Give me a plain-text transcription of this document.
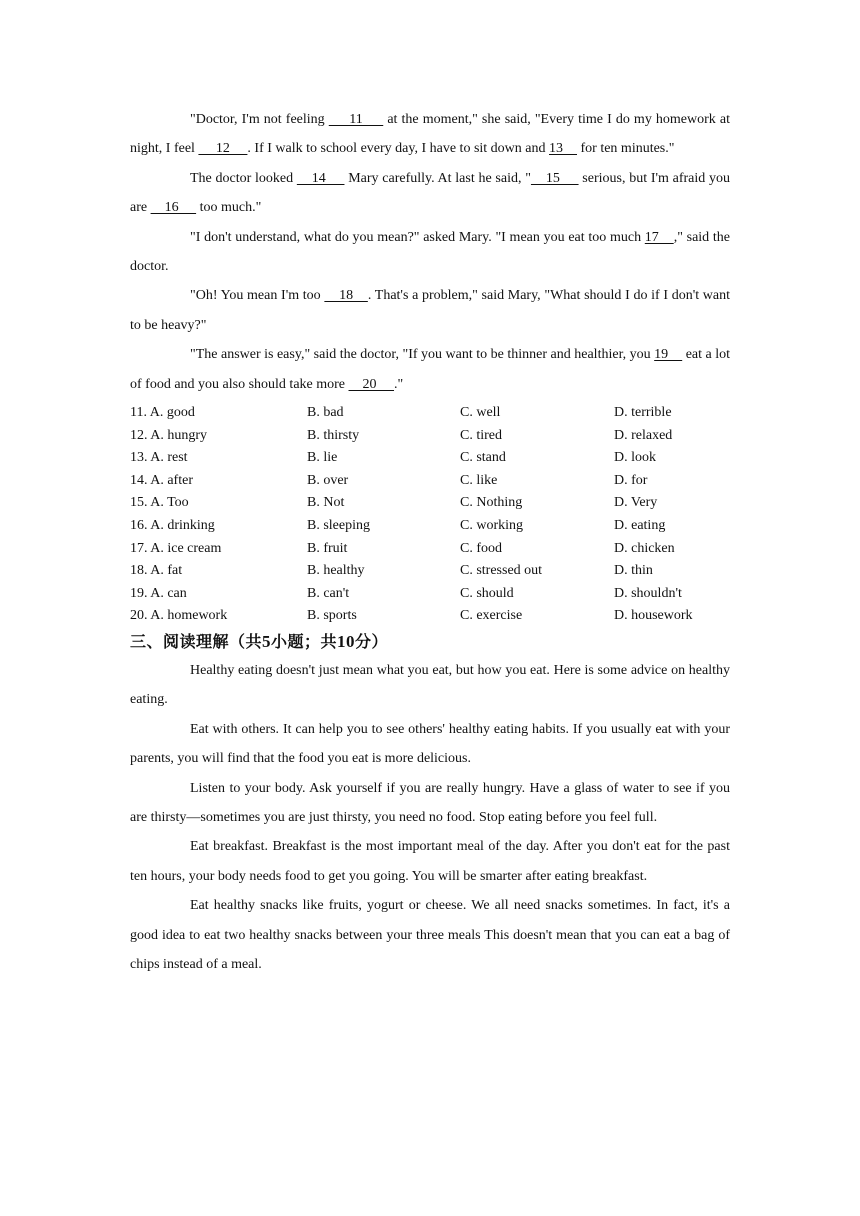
"Doctor, I'm not feeling      11      at the moment," she said, "Every time I do my homework at night, I feel      12     . If I walk to school every day, I have to sit down and 13     for ten minutes."

The doctor looked     14      Mary carefully. At last he said, "    15      serious, but I'm afraid you are     16      too much."

"I don't understand, what do you mean?" asked Mary. "I mean you eat too much 17    ," said the doctor.

"Oh! You mean I'm too     18    . That's a problem," said Mary, "What should I do if I don't want to be heavy?"

"The answer is easy," said the doctor, "If you want to be thinner and healthier, you 19     eat a lot of food and you also should take more     20     ."

11. A. good	B. bad	C. well	D. terrible
12. A. hungry	B. thirsty	C. tired	D. relaxed
13. A. rest	B. lie	C. stand	D. look
14. A. after	B. over	C. like	D. for
15. A. Too	B. Not	C. Nothing	D. Very
16. A. drinking	B. sleeping	C. working	D. eating
17. A. ice cream	B. fruit	C. food	D. chicken
18. A. fat	B. healthy	C. stressed out	D. thin
19. A. can	B. can't	C. should	D. shouldn't
20. A. homework	B. sports	C. exercise	D. housework
三、阅读理解（共5小题；共10分）

Healthy eating doesn't just mean what you eat, but how you eat. Here is some advice on healthy eating.

Eat with others. It can help you to see others' healthy eating habits. If you usually eat with your parents, you will find that the food you eat is more delicious.

Listen to your body. Ask yourself if you are really hungry. Have a glass of water to see if you are thirsty—sometimes you are just thirsty, you need no food. Stop eating before you feel full.

Eat breakfast. Breakfast is the most important meal of the day. After you don't eat for the past ten hours, your body needs food to get you going. You will be smarter after eating breakfast.

Eat healthy snacks like fruits, yogurt or cheese. We all need snacks sometimes. In fact, it's a good idea to eat two healthy snacks between your three meals This doesn't mean that you can eat a bag of chips instead of a meal.
